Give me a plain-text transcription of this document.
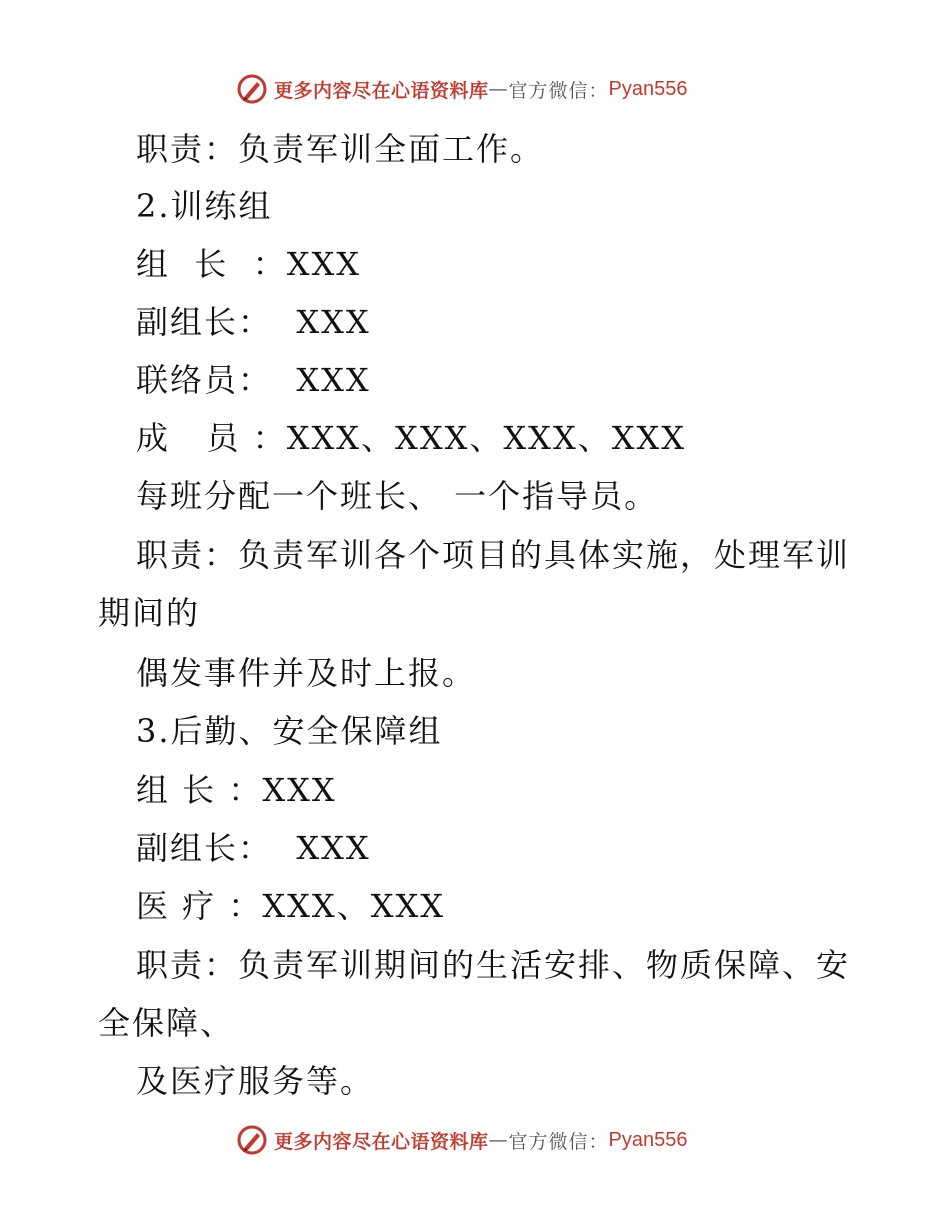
更多内容尽在心语资料库 — 官方微信： Pyan556
职责：负责军训全面工作。
2.训练组
组  长  ：XXX
副组长：  XXX
联络员：  XXX
成   员 ：XXX、XXX、XXX、XXX
每班分配一个班长、 一个指导员。
职责：负责军训各个项目的具体实施，处理军训
期间的
偶发事件并及时上报。
3.后勤、安全保障组
组 长 ：XXX
副组长：  XXX
医 疗 ：XXX、XXX
职责：负责军训期间的生活安排、物质保障、安
全保障、
及医疗服务等。
更多内容尽在心语资料库 — 官方微信： Pyan556
